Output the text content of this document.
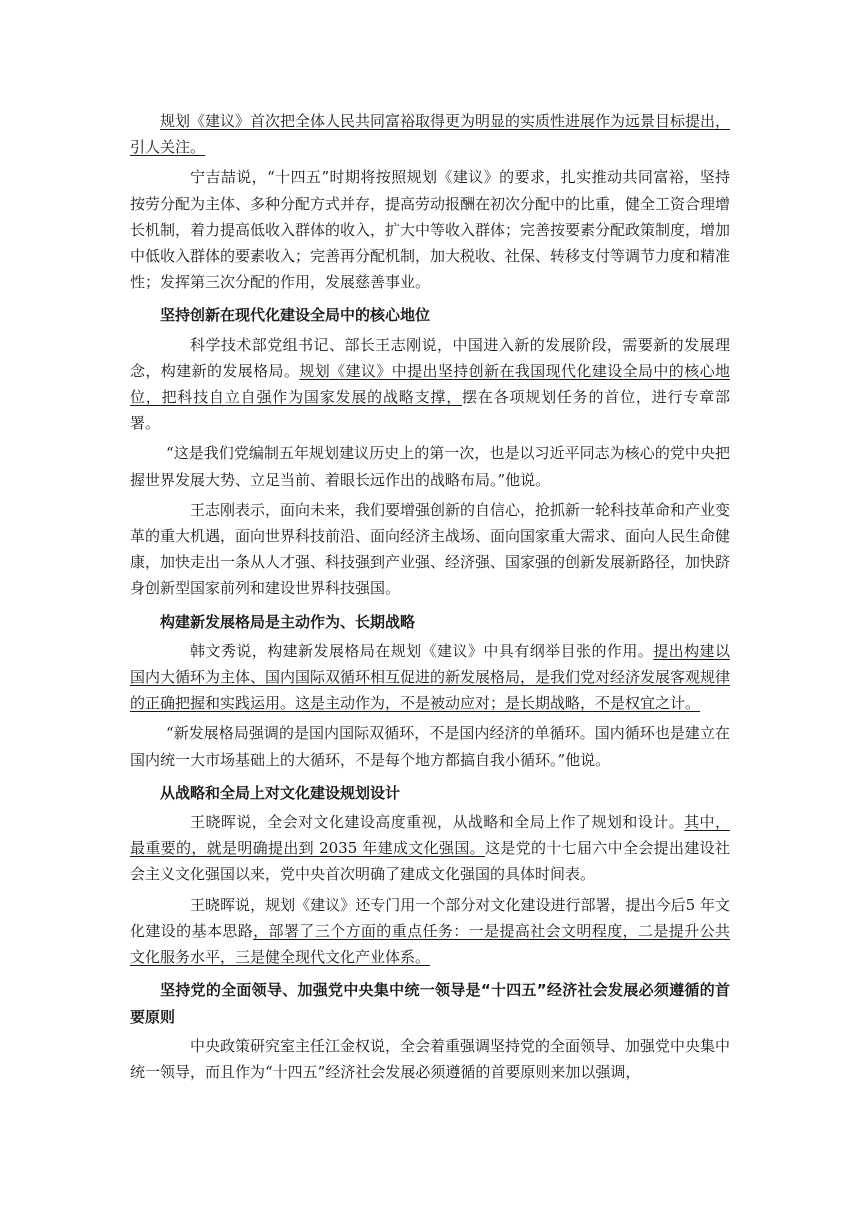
规划《建议》首次把全体人民共同富裕取得更为明显的实质性进展作为远景目标提出，引人关注。

宁吉喆说，“十四五”时期将按照规划《建议》的要求，扎实推动共同富裕，坚持按劳分配为主体、多种分配方式并存，提高劳动报酬在初次分配中的比重，健全工资合理增长机制，着力提高低收入群体的收入，扩大中等收入群体；完善按要素分配政策制度，增加中低收入群体的要素收入；完善再分配机制，加大税收、社保、转移支付等调节力度和精准性；发挥第三次分配的作用，发展慈善事业。

坚持创新在现代化建设全局中的核心地位

科学技术部党组书记、部长王志刚说，中国进入新的发展阶段，需要新的发展理念，构建新的发展格局。规划《建议》中提出坚持创新在我国现代化建设全局中的核心地位，把科技自立自强作为国家发展的战略支撑，摆在各项规划任务的首位，进行专章部署。

“这是我们党编制五年规划建议历史上的第一次，也是以习近平同志为核心的党中央把握世界发展大势、立足当前、着眼长远作出的战略布局。”他说。

王志刚表示，面向未来，我们要增强创新的自信心，抢抓新一轮科技革命和产业变革的重大机遇，面向世界科技前沿、面向经济主战场、面向国家重大需求、面向人民生命健康，加快走出一条从人才强、科技强到产业强、经济强、国家强的创新发展新路径，加快跻身创新型国家前列和建设世界科技强国。

构建新发展格局是主动作为、长期战略

韩文秀说，构建新发展格局在规划《建议》中具有纲举目张的作用。提出构建以国内大循环为主体、国内国际双循环相互促进的新发展格局，是我们党对经济发展客观规律的正确把握和实践运用。这是主动作为，不是被动应对；是长期战略，不是权宜之计。

“新发展格局强调的是国内国际双循环，不是国内经济的单循环。国内循环也是建立在国内统一大市场基础上的大循环，不是每个地方都搞自我小循环。”他说。

从战略和全局上对文化建设规划设计

王晓晖说，全会对文化建设高度重视，从战略和全局上作了规划和设计。其中，最重要的，就是明确提出到 2035 年建成文化强国。这是党的十七届六中全会提出建设社会主义文化强国以来，党中央首次明确了建成文化强国的具体时间表。

王晓晖说，规划《建议》还专门用一个部分对文化建设进行部署，提出今后5 年文化建设的基本思路，部署了三个方面的重点任务：一是提高社会文明程度，二是提升公共文化服务水平，三是健全现代文化产业体系。

坚持党的全面领导、加强党中央集中统一领导是“十四五”经济社会发展必须遵循的首要原则

中央政策研究室主任江金权说，全会着重强调坚持党的全面领导、加强党中央集中统一领导，而且作为“十四五”经济社会发展必须遵循的首要原则来加以强调，
